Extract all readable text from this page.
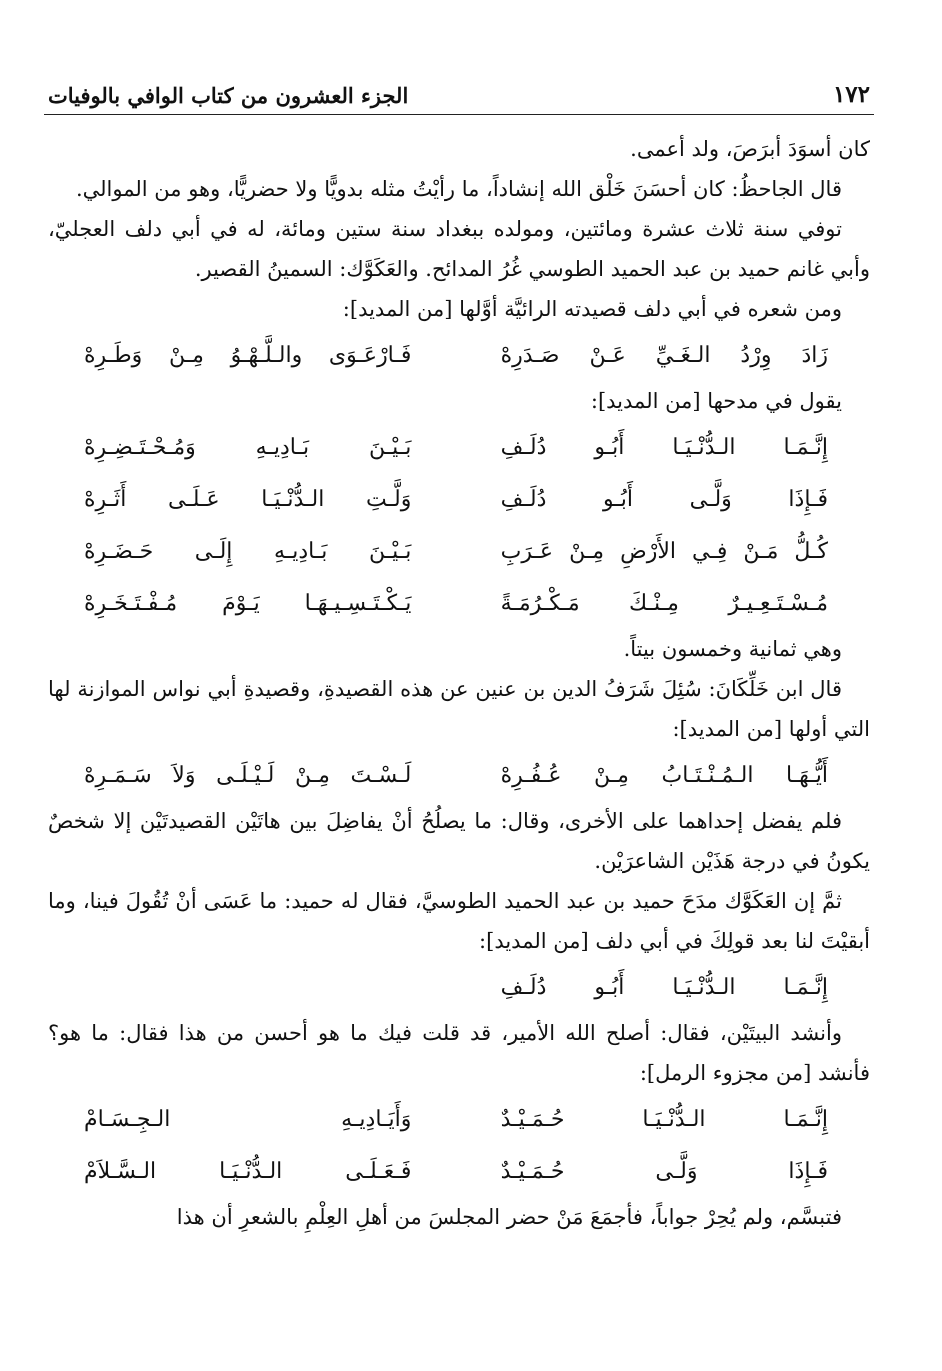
١٧٢
الجزء العشرون من كتاب الوافي بالوفيات

كان أسوَدَ أبرَصَ، ولد أعمى.

قال الجاحظُ: كان أحسَنَ خَلْق الله إنشاداً، ما رأيْتُ مثله بدويًّا ولا حضريًّا، وهو من الموالي.

توفي سنة ثلاث عشرة ومائتين، ومولده ببغداد سنة ستين ومائة، له في أبي دلف العجليّ، وأبي غانم حميد بن عبد الحميد الطوسي غُرُ المدائح. والعَكَوَّك: السمينُ القصير.

ومن شعره في أبي دلف قصيدته الرائيَّة أوَّلها [من المديد]:

زَادَ وِرْدُ الـغَـيِّ عَـنْ صَـدَرِهْ
فَـارْعَـوَى والـلَّـهْـوُ مِـنْ وَطَـرِهْ

يقول في مدحها [من المديد]:

إِنَّـمَـا الـدُّنْـيَـا أَبُـو دُلَـفِ
بَـيْـنَ بَـادِيـهِ وَمُـحْـتَـضِـرِهْ
فَـإِذَا وَلَّـى أَبُـو دُلَـفِ
وَلَّـتِ الـدُّنْـيَـا عَـلَـى أَثَـرِهْ
كُـلُّ مَـنْ فِـي الأَرْضِ مِـنْ عَـرَبِ
بَـيْـنَ بَـادِيـهِ إِلَـى حَـضَـرِهْ
مُـسْـتَـعِـيـرٌ مِـنْـكَ مَـكْـرُمَـةً
يَـكْـتَـسِـيـهَـا يَـوْمَ مُـفْـتَـخَـرِهْ

وهي ثمانية وخمسون بيتاً.

قال ابن خَلِّكَانَ: سُئِلَ شَرَفُ الدين بن عنين عن هذه القصيدةِ، وقصيدةِ أبي نواس الموازنة لها التي أولها [من المديد]:

أَيُّـهَـا الـمُـنْـتَـابُ مِـنْ عُـفُـرِهْ
لَـسْـتَ مِـنْ لَـيْـلَـى وَلاَ سَـمَـرِهْ

فلم يفضل إحداهما على الأخرى، وقال: ما يصلُحُ أنْ يفاضِلَ بين هاتَيْن القصيدتَيْن إلا شخصٌ يكونُ في درجة هَذَيْن الشاعرَيْن.

ثمَّ إن العَكَوَّك مدَحَ حميد بن عبد الحميد الطوسيَّ، فقال له حميد: ما عَسَى أنْ تُقُولَ فينا، وما أبقيْتَ لنا بعد قولِكَ في أبي دلف [من المديد]:

إِنَّـمَـا الـدُّنْـيَـا أَبُـو دُلَـفِ

وأنشد البيتَيْن، فقال: أصلح الله الأمير، قد قلت فيك ما هو أحسن من هذا فقال: ما هو؟ فأنشد [من مجزوء الرمل]:

إِنَّـمَـا الـدُّنْـيَـا حُـمَـيْـدٌ
وَأَيَـادِيـهِ الـجِـسَـامْ
فَـإِذَا وَلَّـى حُـمَـيْـدٌ
فَـعَـلَـى الـدُّنْـيَـا الـسَّـلاَمْ

فتبسَّم، ولم يُحِرْ جواباً، فأجمَعَ مَنْ حضر المجلسَ من أهلِ العِلْمِ بالشعرِ أن هذا
